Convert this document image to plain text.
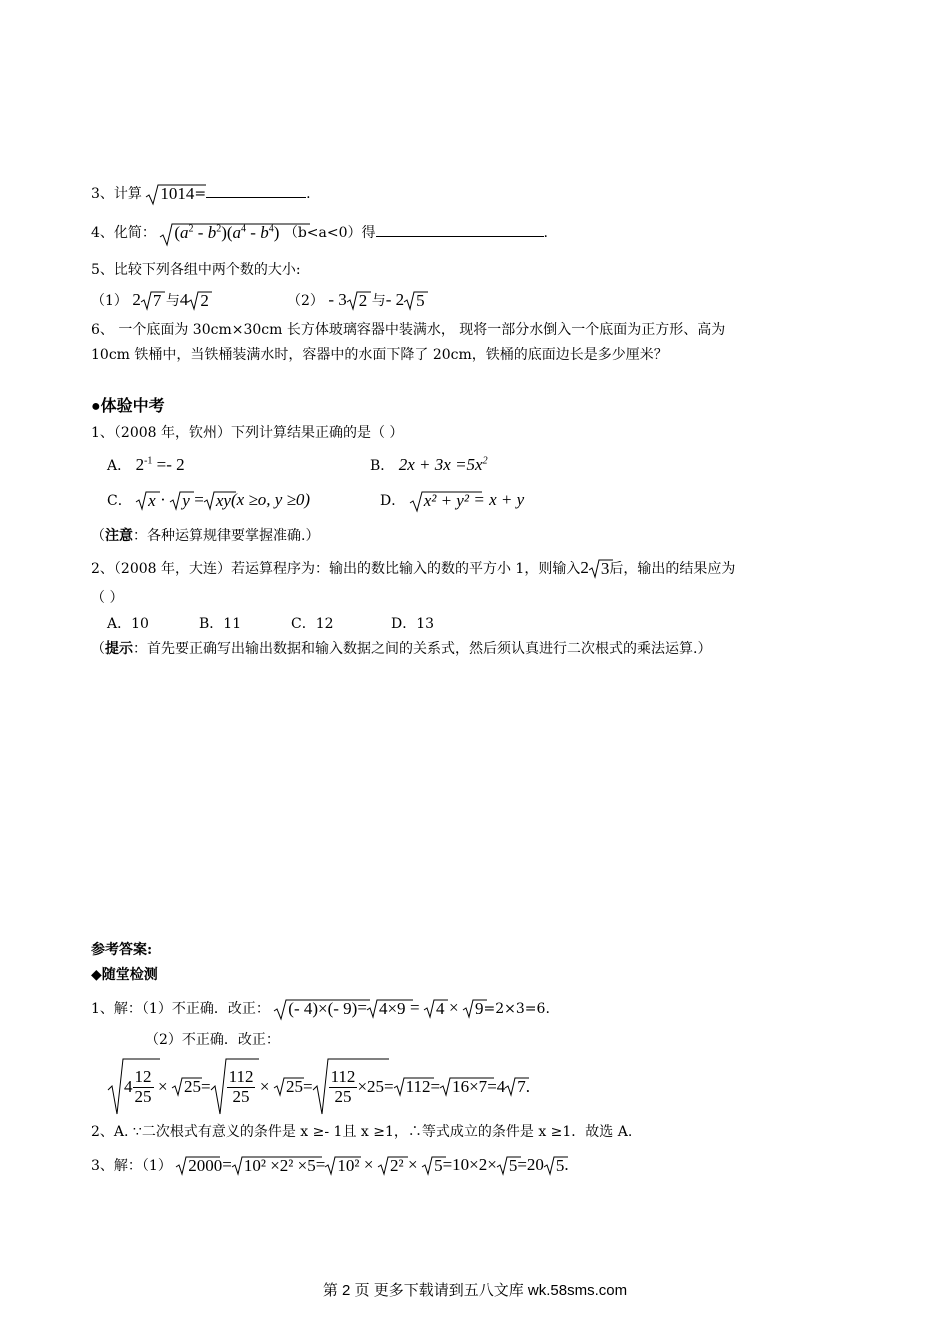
3、计算 1014=	.
4、化简：
$(a^2 - b^2)(a^4 - b^4)$ （b<a<0）得	.
5、比较下列各组中两个数的大小:
（1） 2 7 与4 2	（2） - 3 2 与- 2 5
6、 一个底面为 30cm×30cm 长方体玻璃容器中装满水， 现将一部分水倒入一个底面为正方形、高为
10cm 铁桶中，当铁桶装满水时，容器中的水面下降了 20cm，铁桶的底面边长是多少厘米？
●体验中考
1、（2008 年，钦州）下列计算结果正确的是（ ）
A． $2^{-1} =- 2$	B． $2x + 3x =5x^2$
C． x · y = xy(x ≥o, y ≥0)	D． x² + y² = x + y
（注意：各种运算规律要掌握准确.）
2、（2008 年，大连）若运算程序为：输出的数比输入的数的平方小 1，则输入2 3后，输出的结果应为
（ ）
A．10	B．11	C．12	D．13
（提示：首先要正确写出输出数据和输入数据之间的关系式，然后须认真进行二次根式的乘法运算.）
参考答案:
◆随堂检测
1、解：（1）不正确．改正： (- 4)×(- 9)= 4×9 = 4 × 9=2×3=6.
（2）不正确．改正：
$4 \frac{12}{25} \times 25= \frac{112}{25} \times 25= \frac{112}{25} \times 25 = 112= 16\times 7=4$ 7.
2、A. ∵二次根式有意义的条件是 x ≥- 1且 x ≥1，∴等式成立的条件是 x ≥1．故选 A.
3、解：（1） 2000= 10² ×2² ×5= 10² × 2² × 5=10×2× 5=20 5.
第 2 页 更多下载请到五八文库 wk.58sms.com
